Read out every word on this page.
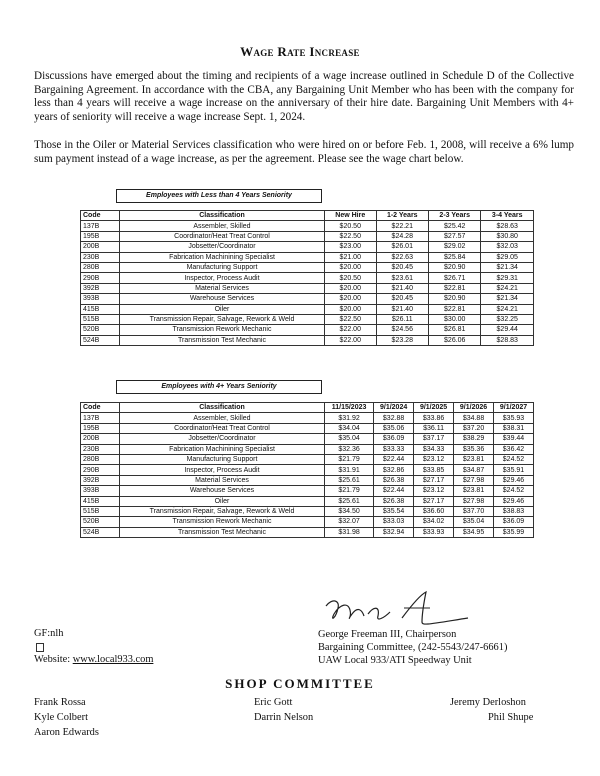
Wage Rate Increase
Discussions have emerged about the timing and recipients of a wage increase outlined in Schedule D of the Collective Bargaining Agreement. In accordance with the CBA, any Bargaining Unit Member who has been with the company for less than 4 years will receive a wage increase on the anniversary of their hire date. Bargaining Unit Members with 4+ years of seniority will receive a wage increase Sept. 1, 2024.
Those in the Oiler or Material Services classification who were hired on or before Feb. 1, 2008, will receive a 6% lump sum payment instead of a wage increase, as per the agreement. Please see the wage chart below.
Employees with Less than 4 Years Seniority
Code	Classification	New Hire	1-2 Years	2-3 Years	3-4 Years
137B	Assembler, Skilled	$20.50	$22.21	$25.42	$28.63
195B	Coordinator/Heat Treat Control	$22.50	$24.28	$27.57	$30.80
200B	Jobsetter/Coordinator	$23.00	$26.01	$29.02	$32.03
230B	Fabrication Machinining Specialist	$21.00	$22.63	$25.84	$29.05
280B	Manufacturing Support	$20.00	$20.45	$20.90	$21.34
290B	Inspector, Process Audit	$20.50	$23.61	$26.71	$29.31
392B	Material Services	$20.00	$21.40	$22.81	$24.21
393B	Warehouse Services	$20.00	$20.45	$20.90	$21.34
415B	Oiler	$20.00	$21.40	$22.81	$24.21
515B	Transmission Repair, Salvage, Rework & Weld	$22.50	$26.11	$30.00	$32.25
520B	Transmission Rework Mechanic	$22.00	$24.56	$26.81	$29.44
524B	Transmission Test Mechanic	$22.00	$23.28	$26.06	$28.83
Employees with 4+ Years Seniority
Code	Classification	11/15/2023	9/1/2024	9/1/2025	9/1/2026	9/1/2027
137B	Assembler, Skilled	$31.92	$32.88	$33.86	$34.88	$35.93
195B	Coordinator/Heat Treat Control	$34.04	$35.06	$36.11	$37.20	$38.31
200B	Jobsetter/Coordinator	$35.04	$36.09	$37.17	$38.29	$39.44
230B	Fabrication Machinining Specialist	$32.36	$33.33	$34.33	$35.36	$36.42
280B	Manufacturing Support	$21.79	$22.44	$23.12	$23.81	$24.52
290B	Inspector, Process Audit	$31.91	$32.86	$33.85	$34.87	$35.91
392B	Material Services	$25.61	$26.38	$27.17	$27.98	$29.46
393B	Warehouse Services	$21.79	$22.44	$23.12	$23.81	$24.52
415B	Oiler	$25.61	$26.38	$27.17	$27.98	$29.46
515B	Transmission Repair, Salvage, Rework & Weld	$34.50	$35.54	$36.60	$37.70	$38.83
520B	Transmission Rework Mechanic	$32.07	$33.03	$34.02	$35.04	$36.09
524B	Transmission Test Mechanic	$31.98	$32.94	$33.93	$34.95	$35.99
GF:nlh
Website: www.local933.com
George Freeman III, Chairperson
Bargaining Committee, (242-5543/247-6661)
UAW Local 933/ATI Speedway Unit
SHOP COMMITTEE
Frank Rossa
Kyle Colbert
Aaron Edwards
Eric Gott
Darrin Nelson
Jeremy Derloshon
Phil Shupe
